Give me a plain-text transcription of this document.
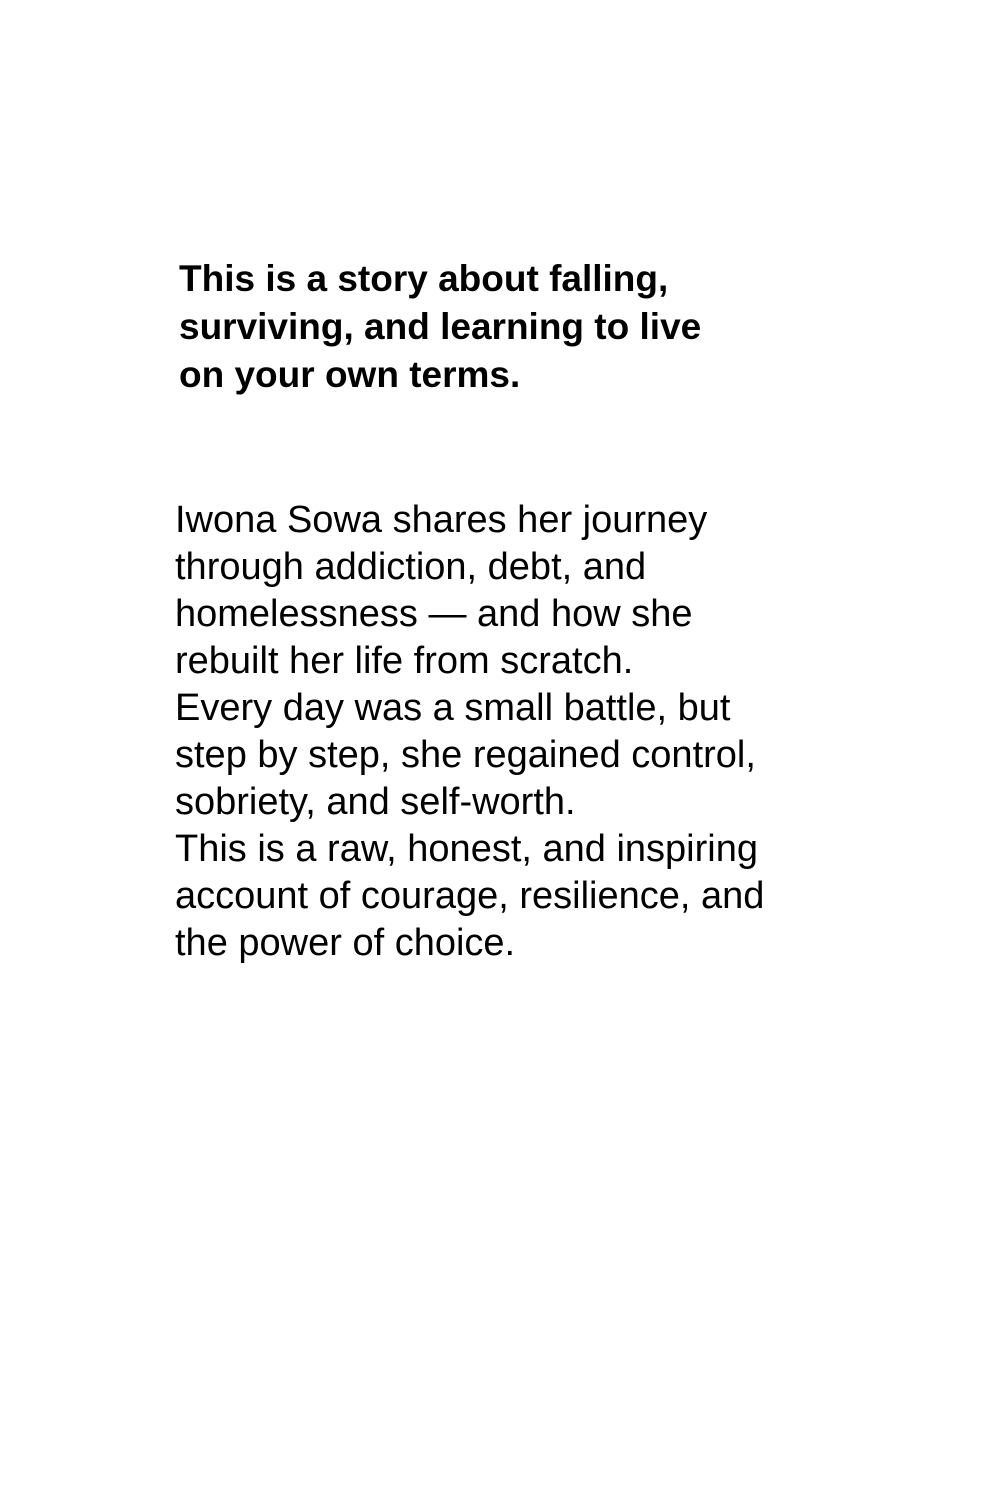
This is a story about falling,
surviving, and learning to live
on your own terms.
Iwona Sowa shares her journey
through addiction, debt, and
homelessness — and how she
rebuilt her life from scratch.
Every day was a small battle, but
step by step, she regained control,
sobriety, and self-worth.
This is a raw, honest, and inspiring
account of courage, resilience, and
the power of choice.
